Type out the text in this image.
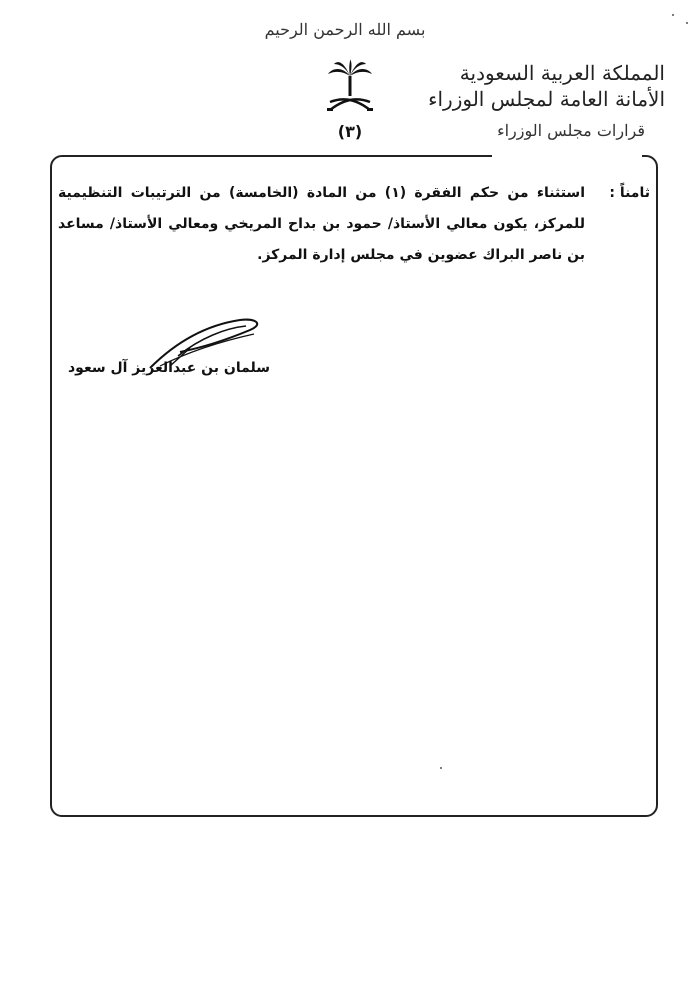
بسم الله الرحمن الرحيم
(٣)
المملكة العربية السعودية
الأمانة العامة لمجلس الوزراء
قرارات مجلس الوزراء
ثامناً :
استثناء من حكم الفقرة (١) من المادة (الخامسة) من الترتيبات التنظيمية للمركز، يكون معالي الأستاذ/ حمود بن بداح المريخي ومعالي الأستاذ/ مساعد بن ناصر البراك عضوين في مجلس إدارة المركز.
سلمان بن عبدالعزيز آل سعود
